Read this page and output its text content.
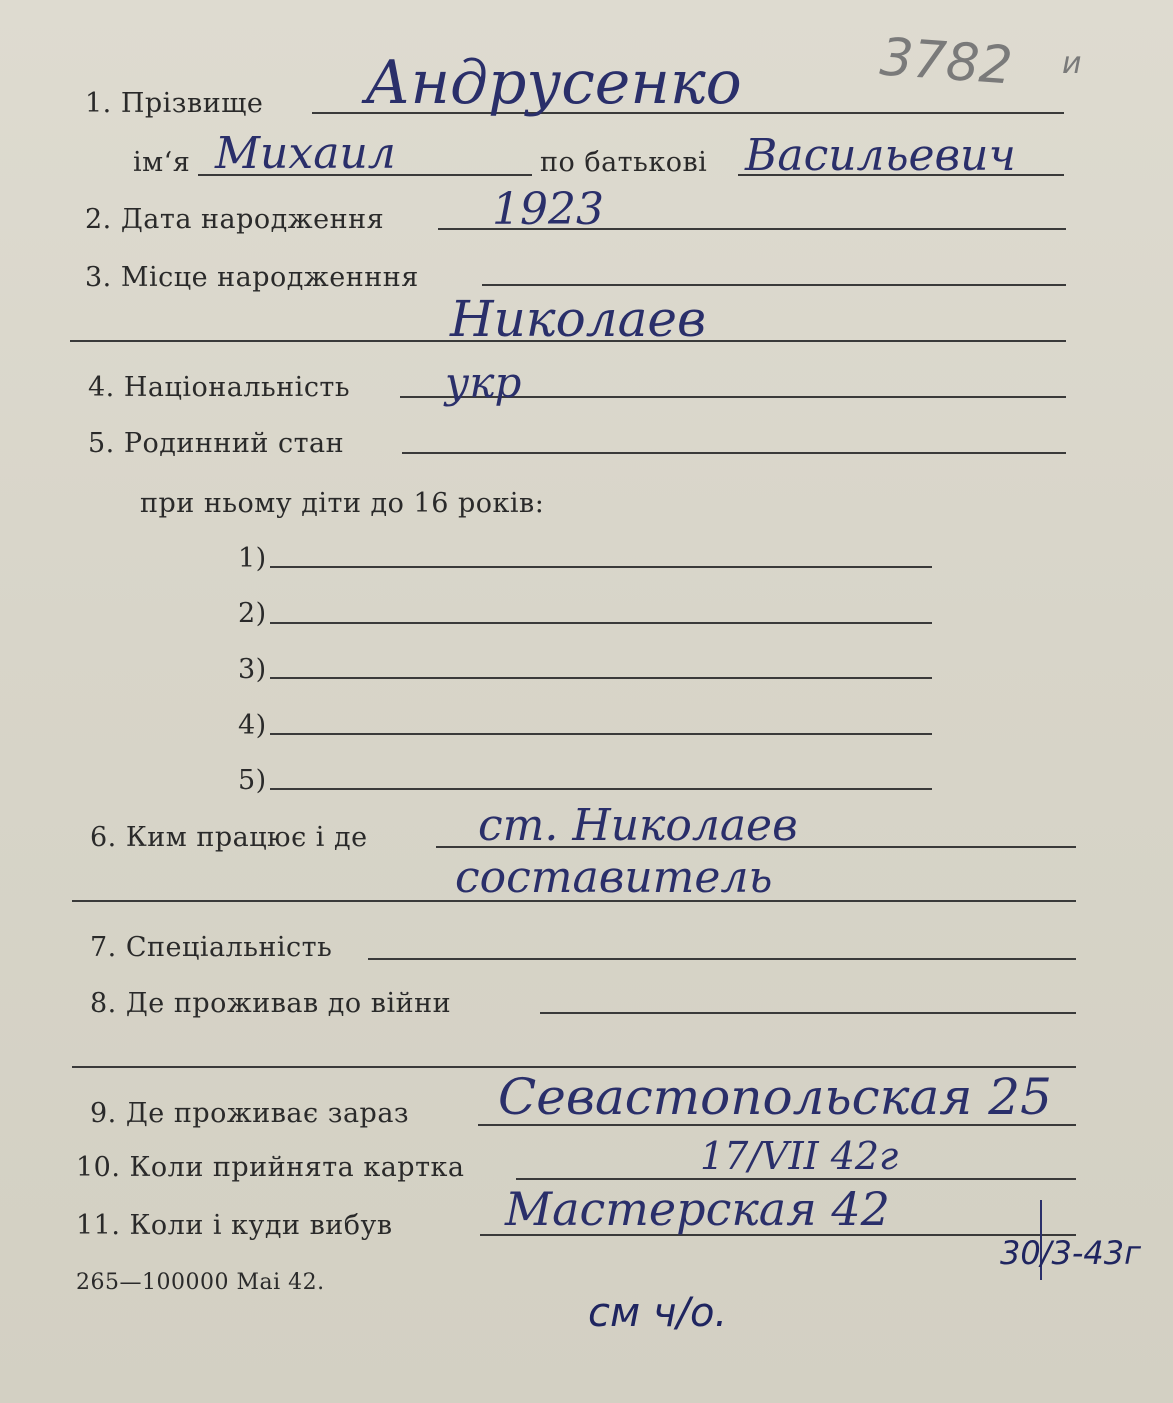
3782 и
1. Прізвище Андрусенко
ім‘я Михаил	по батькові Васильевич
2. Дата народження 1923
3. Місце народженння
Николаев
4. Національність укр
5. Родинний стан
при ньому діти до 16 років:
1)
2)
3)
4)
5)
6. Ким працює і де	ст. Николаев
составитель
7. Спеціальність
8. Де проживав до війни
9. Де проживає зараз Севастопольская 25
10. Коли прийнята картка	17/VII 42г
11. Коли і куди вибув Мастерская 42
30/3-43г
265—100000 Маі 42.
см ч/о.
